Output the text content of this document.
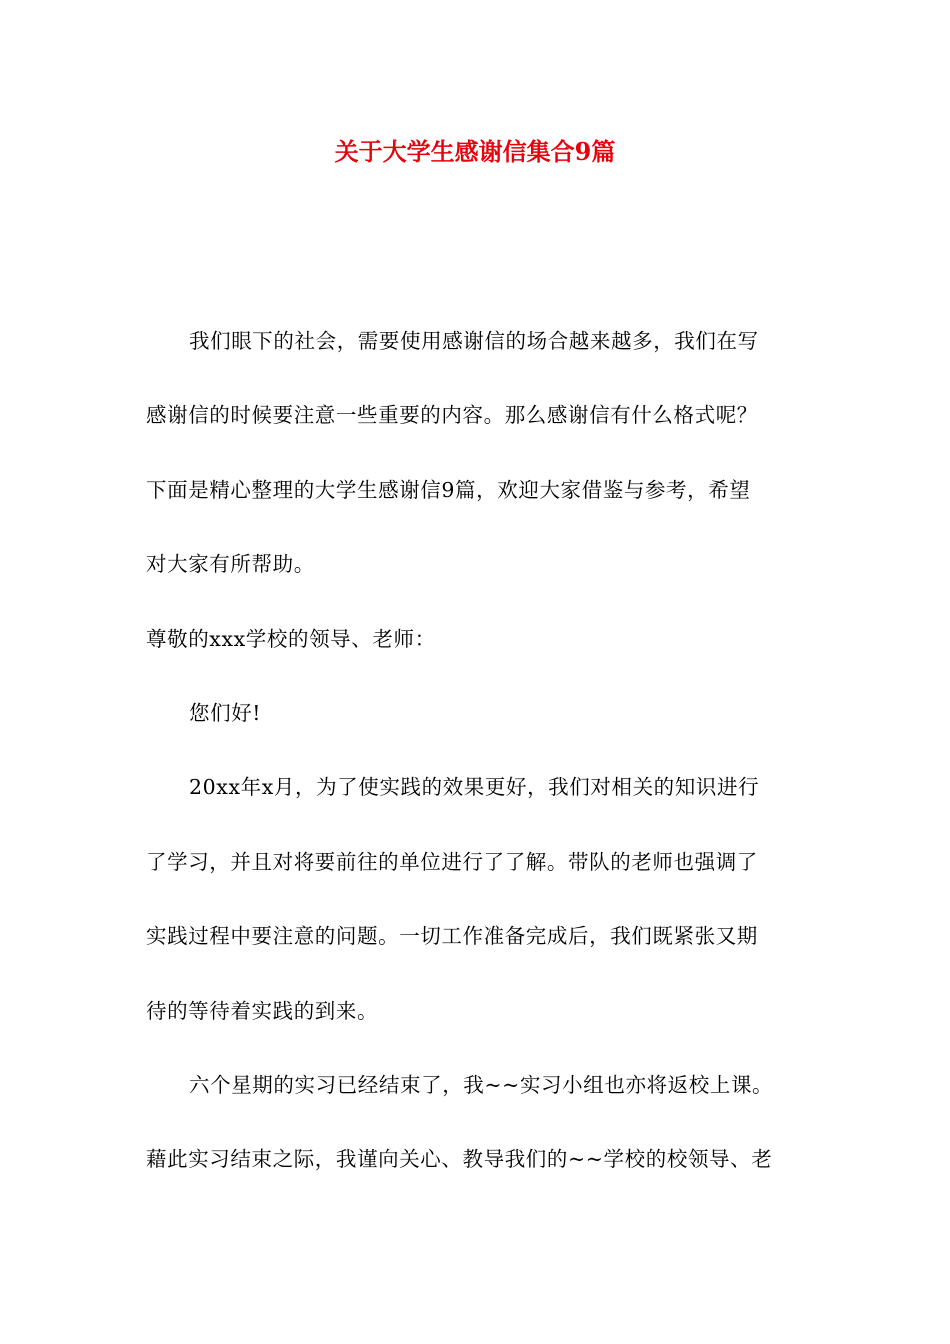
关于大学生感谢信集合9篇
我们眼下的社会，需要使用感谢信的场合越来越多，我们在写
感谢信的时候要注意一些重要的内容。那么感谢信有什么格式呢？
下面是精心整理的大学生感谢信9篇，欢迎大家借鉴与参考，希望
对大家有所帮助。
尊敬的xxx学校的领导、老师：
您们好!
20xx年x月，为了使实践的效果更好，我们对相关的知识进行
了学习，并且对将要前往的单位进行了了解。带队的老师也强调了
实践过程中要注意的问题。一切工作准备完成后，我们既紧张又期
待的等待着实践的到来。
六个星期的实习已经结束了，我~~实习小组也亦将返校上课。
藉此实习结束之际，我谨向关心、教导我们的~~学校的校领导、老
